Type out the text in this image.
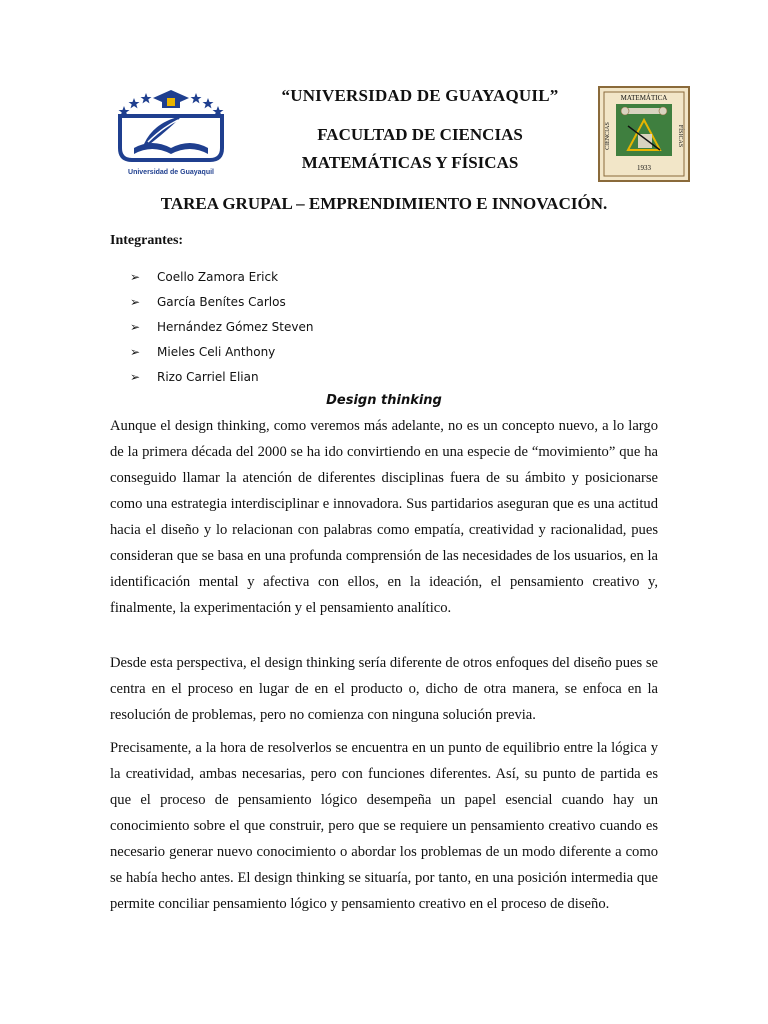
Universidad de Guayaquil
MATEMÁTICA
1933
CIENCIAS	FÍSICAS
“UNIVERSIDAD DE GUAYAQUIL”
FACULTAD DE CIENCIAS
MATEMÁTICAS Y FÍSICAS
TAREA GRUPAL – EMPRENDIMIENTO E INNOVACIÓN.
Integrantes:
➢	Coello Zamora Erick
➢	García Benítes Carlos
➢	Hernández Gómez Steven
➢	Mieles Celi Anthony
➢	Rizo Carriel Elian
Design thinking

Aunque el design thinking, como veremos más adelante, no es un concepto nuevo, a lo largo de la primera década del 2000 se ha ido convirtiendo en una especie de “movimiento” que ha conseguido llamar la atención de diferentes disciplinas fuera de su ámbito y posicionarse como una estrategia interdisciplinar e innovadora. Sus partidarios aseguran que es una actitud hacia el diseño y lo relacionan con palabras como empatía, creatividad y racionalidad, pues consideran que se basa en una profunda comprensión de las necesidades de los usuarios, en la identificación mental y afectiva con ellos, en la ideación, el pensamiento creativo y, finalmente, la experimentación y el pensamiento analítico.

Desde esta perspectiva, el design thinking sería diferente de otros enfoques del diseño pues se centra en el proceso en lugar de en el producto o, dicho de otra manera, se enfoca en la resolución de problemas, pero no comienza con ninguna solución previa.

Precisamente, a la hora de resolverlos se encuentra en un punto de equilibrio entre la lógica y la creatividad, ambas necesarias, pero con funciones diferentes. Así, su punto de partida es que el proceso de pensamiento lógico desempeña un papel esencial cuando hay un conocimiento sobre el que construir, pero que se requiere un pensamiento creativo cuando es necesario generar nuevo conocimiento o abordar los problemas de un modo diferente a como se había hecho antes. El design thinking se situaría, por tanto, en una posición intermedia que permite conciliar pensamiento lógico y pensamiento creativo en el proceso de diseño.
